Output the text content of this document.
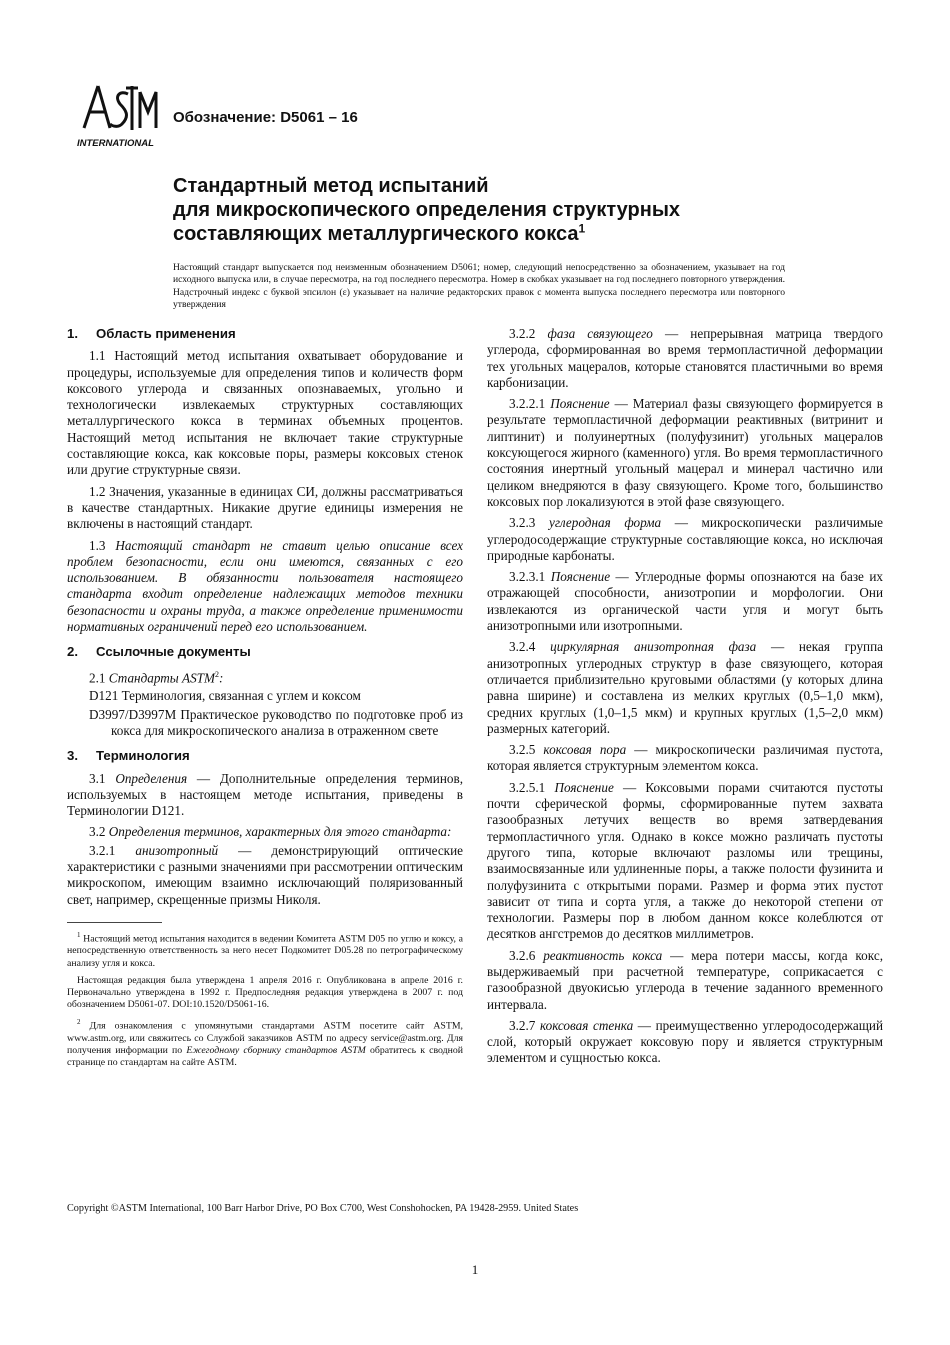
INTERNATIONAL
Обозначение: D5061 – 16
Стандартный метод испытаний
для микроскопического определения структурных
составляющих металлургического кокса$^1$

Настоящий стандарт выпускается под неизменным обозначением D5061; номер, следующий непосредственно за обозначением, указывает на год исходного выпуска или, в случае пересмотра, на год последнего пересмотра. Номер в скобках указывает на год последнего повторного утверждения. Надстрочный индекс с буквой эпсилон (ε) указывает на наличие редакторских правок с момента выпуска последнего пересмотра или повторного утверждения

1. Область применения

1.1 Настоящий метод испытания охватывает оборудование и процедуры, используемые для определения типов и количеств форм коксового углерода и связанных опознаваемых, угольно и технологически извлекаемых структурных составляющих металлургического кокса в терминах объемных процентов. Настоящий метод испытания не включает такие структурные составляющие кокса, как коксовые поры, размеры коксовых стенок или другие структурные связи.

1.2 Значения, указанные в единицах СИ, должны рассматриваться в качестве стандартных. Никакие другие единицы измерения не включены в настоящий стандарт.

1.3 Настоящий стандарт не ставит целью описание всех проблем безопасности, если они имеются, связанных с его использованием. В обязанности пользователя настоящего стандарта входит определение надлежащих методов техники безопасности и охраны труда, а также определение применимости нормативных ограничений перед его использованием.

2. Ссылочные документы

2.1 Стандарты ASTM$^2$:

D121 Терминология, связанная с углем и коксом

D3997/D3997M Практическое руководство по подготовке проб из кокса для микроскопического анализа в отраженном свете

3. Терминология

3.1 Определения — Дополнительные определения терминов, используемых в настоящем методе испытания, приведены в Терминологии D121.

3.2 Определения терминов, характерных для этого стандарта:

3.2.1 анизотропный — демонстрирующий оптические характеристики с разными значениями при рассмотрении оптическим микроскопом, имеющим взаимно исключающий поляризованный свет, например, скрещенные призмы Николя.

$^1$ Настоящий метод испытания находится в ведении Комитета ASTM D05 по углю и коксу, а непосредственную ответственность за него несет Подкомитет D05.28 по петрографическому анализу угля и кокса.

Настоящая редакция была утверждена 1 апреля 2016 г. Опубликована в апреле 2016 г. Первоначально утверждена в 1992 г. Предпоследняя редакция утверждена в 2007 г. под обозначением D5061-07. DOI:10.1520/D5061-16.

$^2$ Для ознакомления с упомянутыми стандартами ASTM посетите сайт ASTM, www.astm.org, или свяжитесь со Службой заказчиков ASTM по адресу service@astm.org. Для получения информации по Ежегодному сборнику стандартов ASTM обратитесь к сводной странице по стандартам на сайте ASTM.

3.2.2 фаза связующего — непрерывная матрица твердого углерода, сформированная во время термопластичной деформации тех угольных мацералов, которые становятся пластичными во время карбонизации.

3.2.2.1 Пояснение — Материал фазы связующего формируется в результате термопластичной деформации реактивных (витринит и липтинит) и полуинертных (полуфузинит) угольных мацералов коксующегося жирного (каменного) угля. Во время термопластичного состояния инертный угольный мацерал и минерал частично или целиком внедряются в фазу связующего. Кроме того, большинство коксовых пор локализуются в этой фазе связующего.

3.2.3 углеродная форма — микроскопически различимые углеродосодержащие структурные составляющие кокса, но исключая природные карбонаты.

3.2.3.1 Пояснение — Углеродные формы опознаются на базе их отражающей способности, анизотропии и морфологии. Они извлекаются из органической части угля и могут быть анизотропными или изотропными.

3.2.4 циркулярная анизотропная фаза — некая группа анизотропных углеродных структур в фазе связующего, которая отличается приблизительно круговыми областями (у которых длина равна ширине) и составлена из мелких круглых (0,5–1,0 мкм), средних круглых (1,0–1,5 мкм) и крупных круглых (1,5–2,0 мкм) размерных категорий.

3.2.5 коксовая пора — микроскопически различимая пустота, которая является структурным элементом кокса.

3.2.5.1 Пояснение — Коксовыми порами считаются пустоты почти сферической формы, сформированные путем захвата газообразных летучих веществ во время затвердевания термопластичного угля. Однако в коксе можно различать пустоты другого типа, которые включают разломы или трещины, взаимосвязанные или удлиненные поры, а также полости фузинита и полуфузинита с открытыми порами. Размер и форма этих пустот зависит от типа и сорта угля, а также до некоторой степени от технологии. Размеры пор в любом данном коксе колеблются от десятков ангстремов до десятков миллиметров.

3.2.6 реактивность кокса — мера потери массы, когда кокс, выдерживаемый при расчетной температуре, соприкасается с газообразной двуокисью углерода в течение заданного временного интервала.

3.2.7 коксовая стенка — преимущественно углеродосодержащий слой, который окружает коксовую пору и является структурным элементом и сущностью кокса.

Copyright ©ASTM International, 100 Barr Harbor Drive, PO Box C700, West Conshohocken, PA 19428-2959. United States
1
